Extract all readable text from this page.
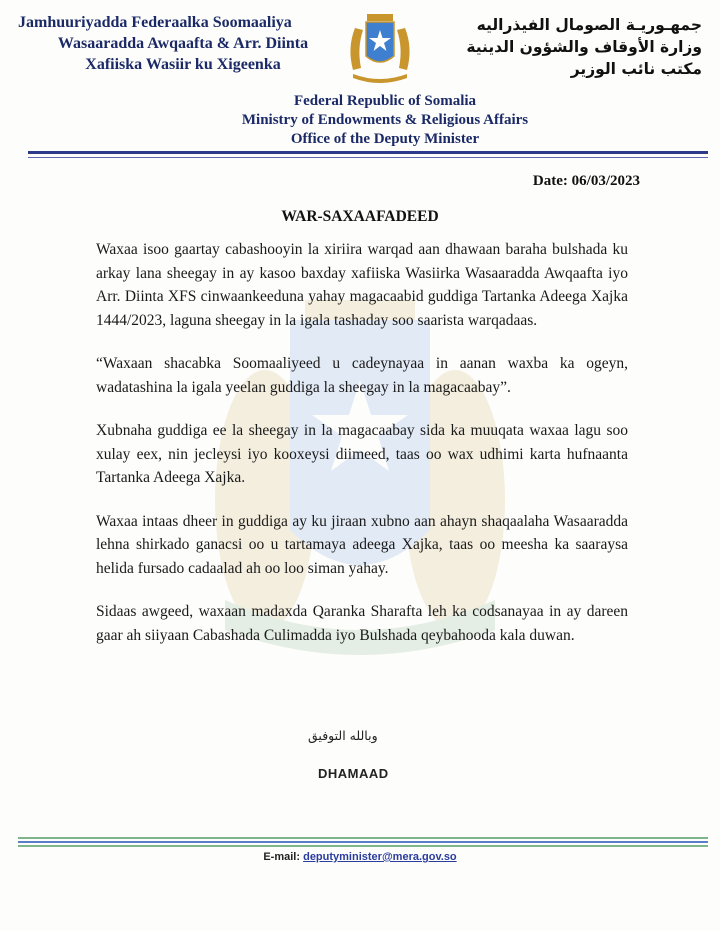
Jamhuuriyadda Federaalka Soomaaliya
Wasaaradda Awqaafta & Arr. Diinta
Xafiiska Wasiir ku Xigeenka
جمهـوريـة الصومال الفيذراليه
وزارة الأوقاف والشؤون الدينية
مكتب نائب الوزير
Federal Republic of Somalia
Ministry of Endowments & Religious Affairs
Office of the Deputy Minister
Date: 06/03/2023
WAR-SAXAAFADEED

Waxaa isoo gaartay cabashooyin la xiriira warqad aan dhawaan baraha bulshada ku arkay lana sheegay in ay kasoo baxday xafiiska Wasiirka Wasaaradda Awqaafta iyo Arr. Diinta XFS cinwaankeeduna yahay magacaabid guddiga Tartanka Adeega Xajka 1444/2023, laguna sheegay in la igala tashaday soo saarista warqadaas.

“Waxaan shacabka Soomaaliyeed u cadeynayaa in aanan waxba ka ogeyn, wadatashina la igala yeelan guddiga la sheegay in la magacaabay”.

Xubnaha guddiga ee la sheegay in la magacaabay sida ka muuqata waxaa lagu soo xulay eex, nin jecleysi iyo kooxeysi diimeed, taas oo wax udhimi karta hufnaanta Tartanka Adeega Xajka.

Waxaa intaas dheer in guddiga ay ku jiraan xubno aan ahayn shaqaalaha Wasaaradda lehna shirkado ganacsi oo u tartamaya adeega Xajka, taas oo meesha ka saaraysa helida fursado cadaalad ah oo loo siman yahay.

Sidaas awgeed, waxaan madaxda Qaranka Sharafta leh ka codsanayaa in ay dareen gaar ah siiyaan Cabashada Culimadda iyo Bulshada qeybahooda kala duwan.

وبالله التوفيق
DHAMAAD
E-mail: deputyminister@mera.gov.so
